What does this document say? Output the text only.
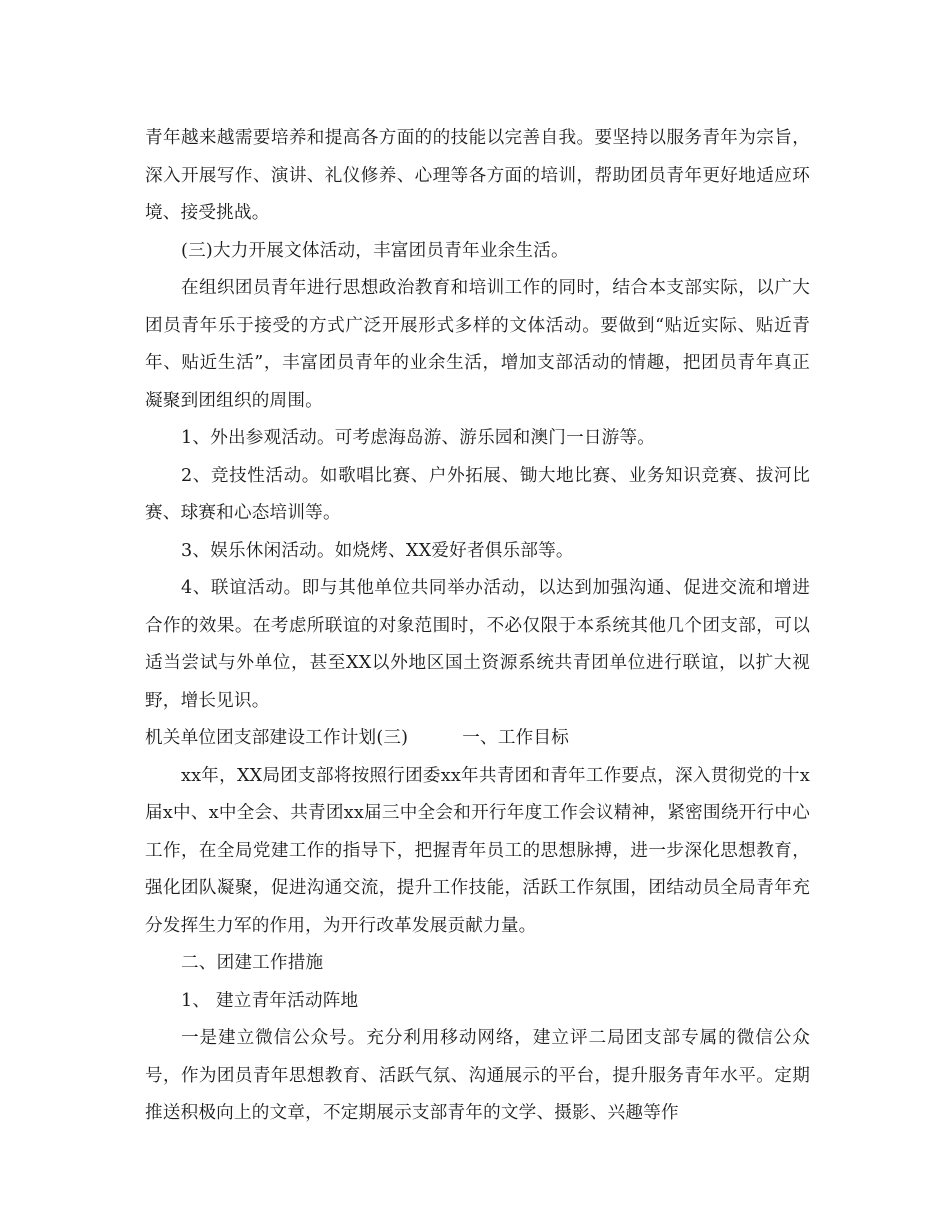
青年越来越需要培养和提高各方面的的技能以完善自我。要坚持以服务青年为宗旨，深入开展写作、演讲、礼仪修养、心理等各方面的培训，帮助团员青年更好地适应环境、接受挑战。

(三)大力开展文体活动，丰富团员青年业余生活。

在组织团员青年进行思想政治教育和培训工作的同时，结合本支部实际，以广大团员青年乐于接受的方式广泛开展形式多样的文体活动。要做到“贴近实际、贴近青年、贴近生活”，丰富团员青年的业余生活，增加支部活动的情趣，把团员青年真正凝聚到团组织的周围。

1、外出参观活动。可考虑海岛游、游乐园和澳门一日游等。

2、竞技性活动。如歌唱比赛、户外拓展、锄大地比赛、业务知识竞赛、拔河比赛、球赛和心态培训等。

3、娱乐休闲活动。如烧烤、XX爱好者俱乐部等。

4、联谊活动。即与其他单位共同举办活动，以达到加强沟通、促进交流和增进合作的效果。在考虑所联谊的对象范围时，不必仅限于本系统其他几个团支部，可以适当尝试与外单位，甚至XX以外地区国土资源系统共青团单位进行联谊，以扩大视野，增长见识。

机关单位团支部建设工作计划(三)	一、工作目标

xx年，XX局团支部将按照行团委xx年共青团和青年工作要点，深入贯彻党的十x届x中、x中全会、共青团xx届三中全会和开行年度工作会议精神，紧密围绕开行中心工作，在全局党建工作的指导下，把握青年员工的思想脉搏，进一步深化思想教育，强化团队凝聚，促进沟通交流，提升工作技能，活跃工作氛围，团结动员全局青年充分发挥生力军的作用，为开行改革发展贡献力量。

二、团建工作措施

1、 建立青年活动阵地

一是建立微信公众号。充分利用移动网络，建立评二局团支部专属的微信公众号，作为团员青年思想教育、活跃气氛、沟通展示的平台，提升服务青年水平。定期推送积极向上的文章，不定期展示支部青年的文学、摄影、兴趣等作
